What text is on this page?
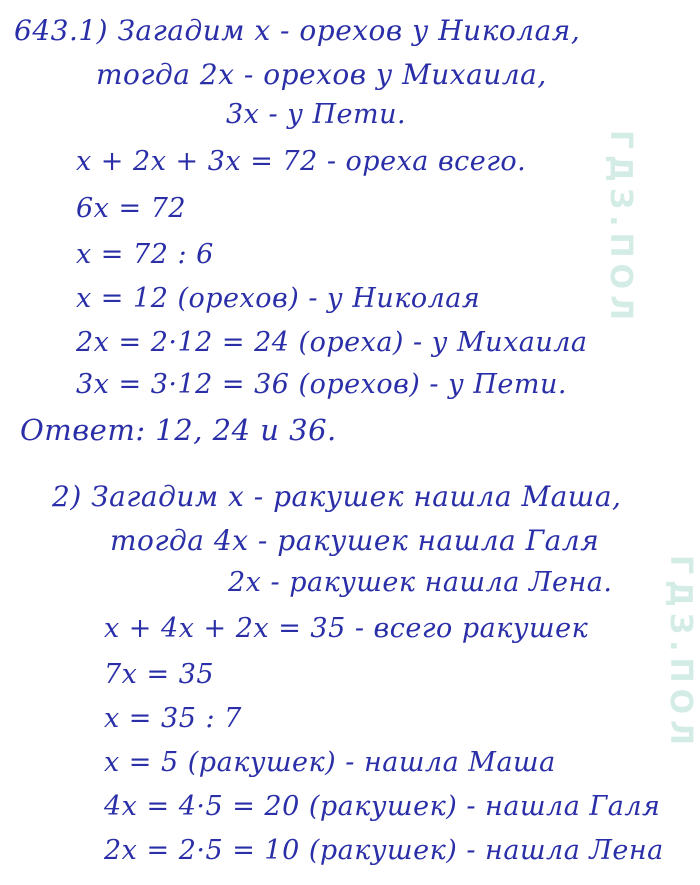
ГДЗ.ПОЛ
ГДЗ.ПОЛ
643.1) Загадим x - орехов у Николая,
тогда 2x - орехов у Михаила,
3x - у Пети.
x + 2x + 3x = 72 - ореха всего.
6x = 72
x = 72 : 6
x = 12 (орехов) - у Николая
2x = 2·12 = 24 (ореха) - у Михаила
3x = 3·12 = 36 (орехов) - у Пети.
Ответ: 12, 24 и 36.
2) Загадим x - ракушек нашла Маша,
тогда 4x - ракушек нашла Галя
2x - ракушек нашла Лена.
x + 4x + 2x = 35 - всего ракушек
7x = 35
x = 35 : 7
x = 5 (ракушек) - нашла Маша
4x = 4·5 = 20 (ракушек) - нашла Галя
2x = 2·5 = 10 (ракушек) - нашла Лена
